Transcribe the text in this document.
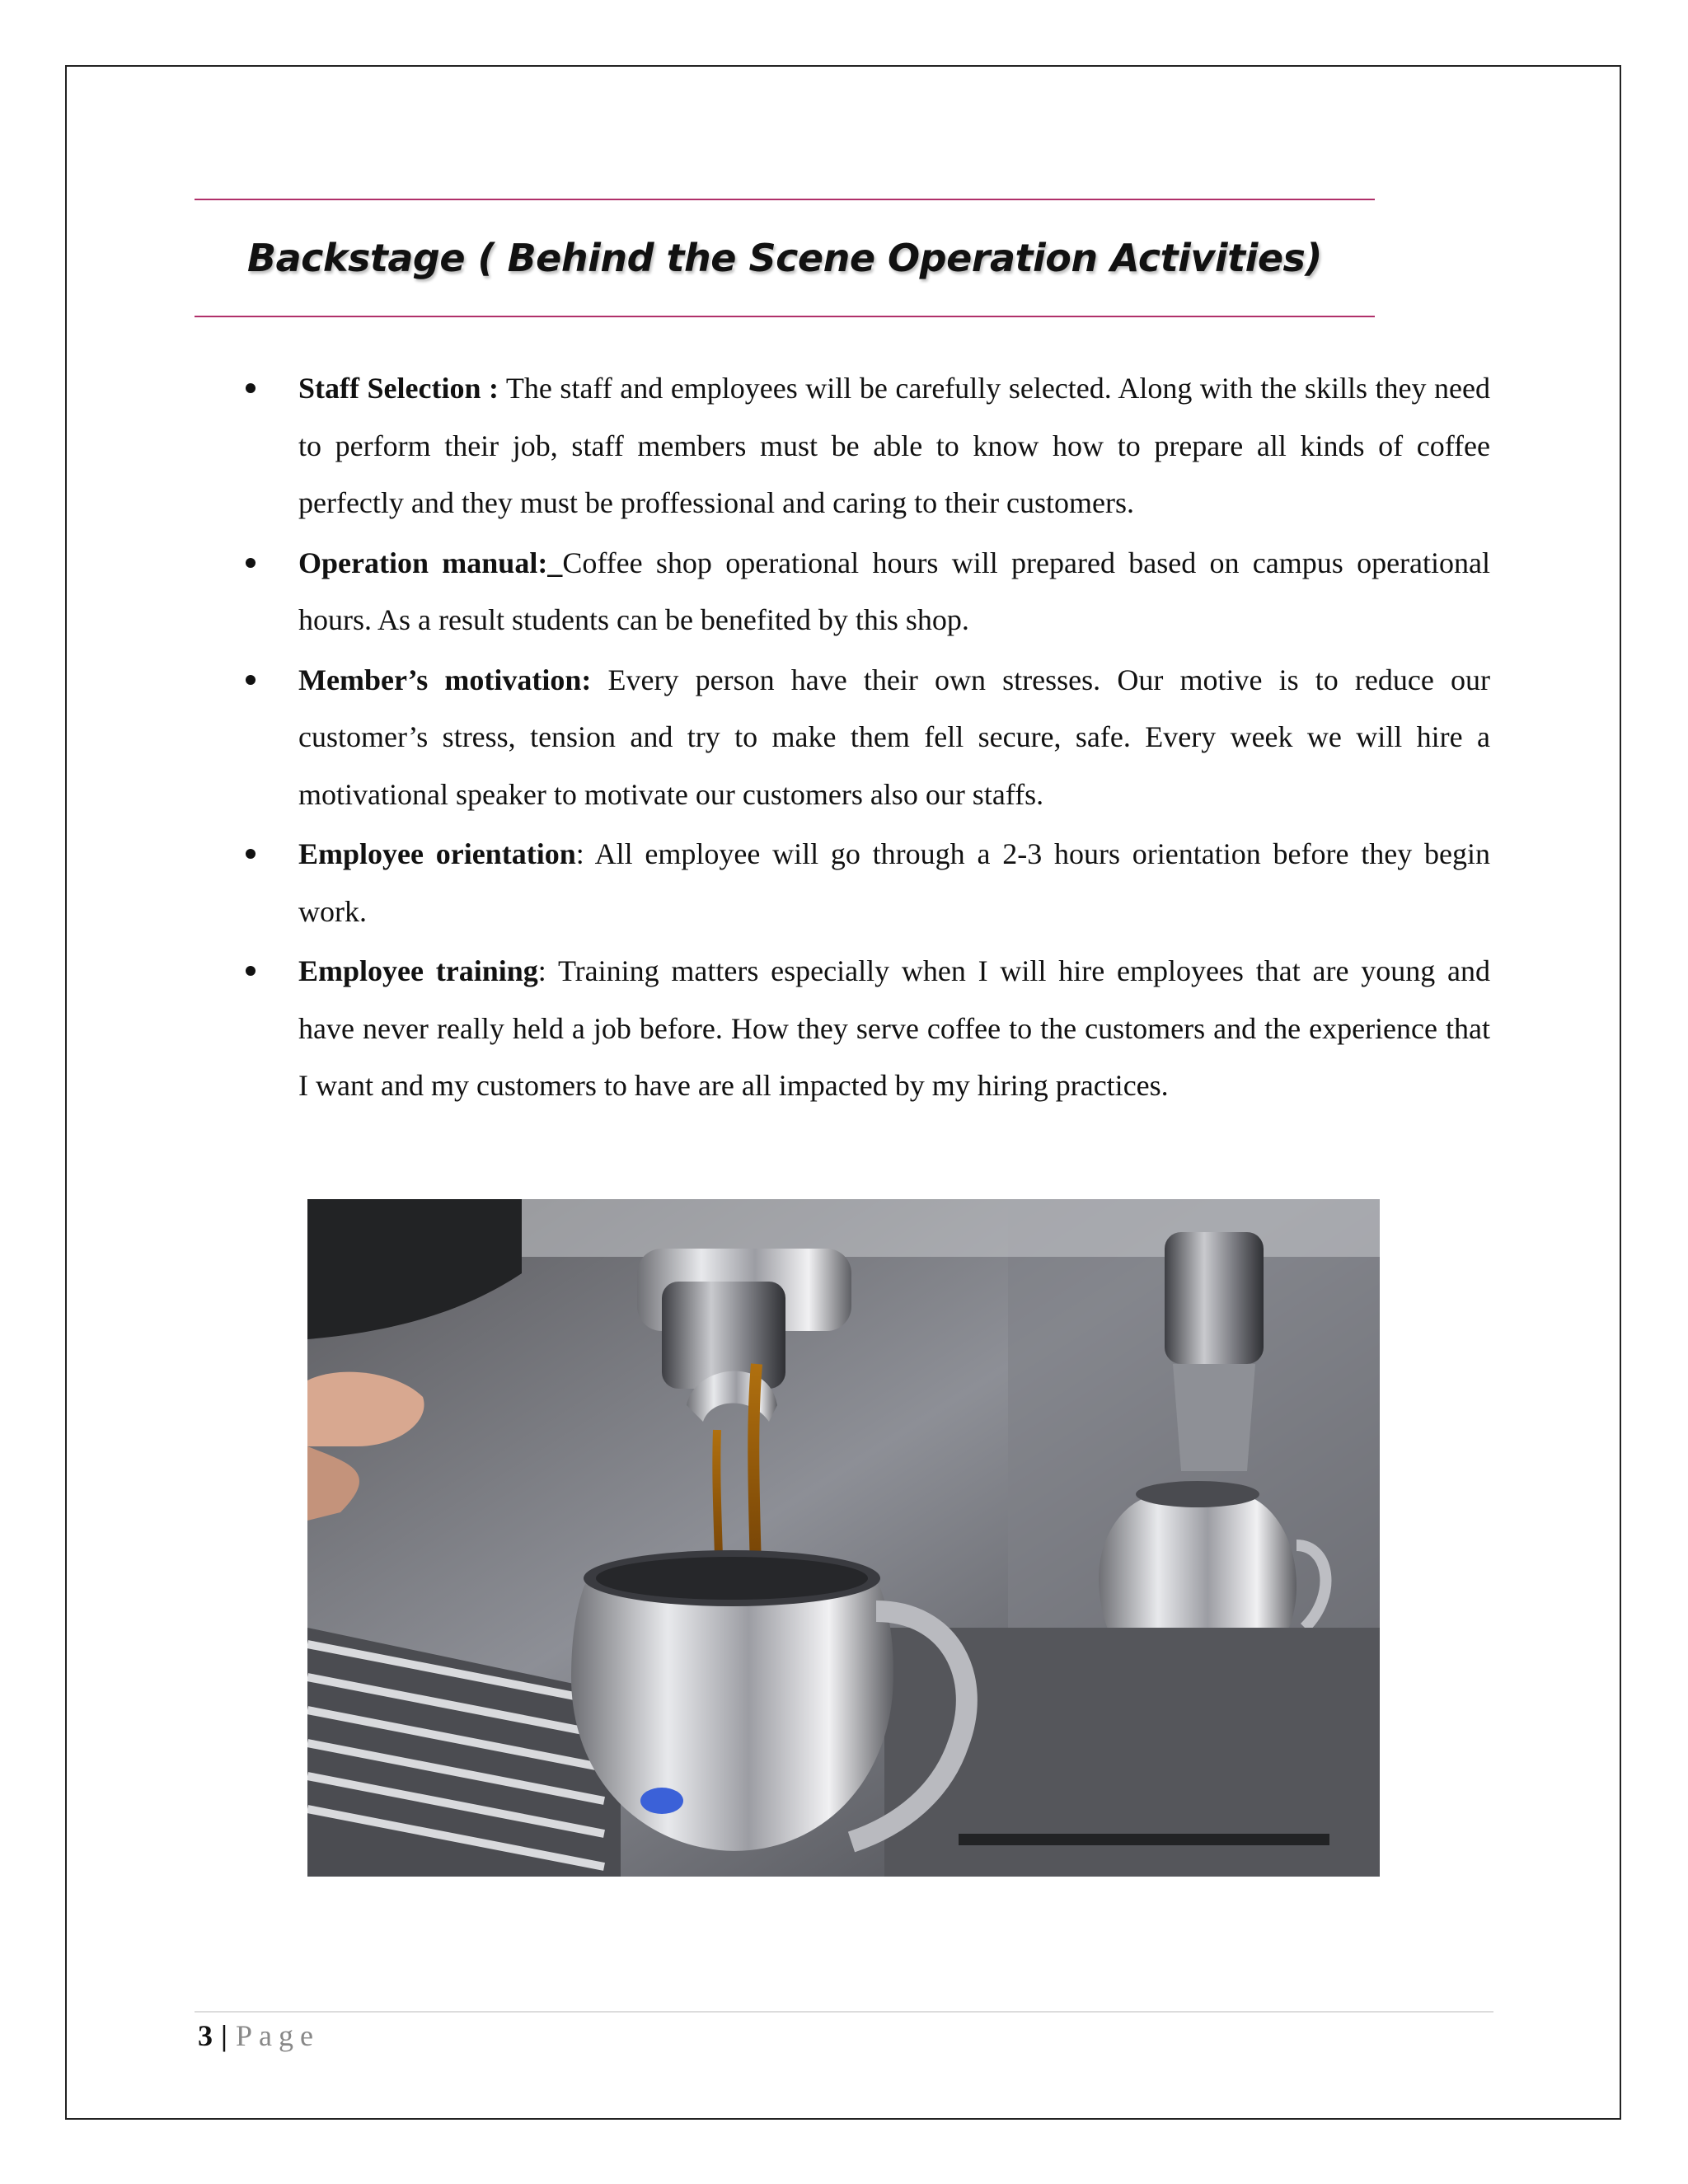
Backstage ( Behind the Scene Operation Activities)
Staff Selection : The staff and employees will be carefully selected. Along with the skills they need to perform their job, staff members must be able to know how to prepare all kinds of coffee perfectly and they must be proffessional and caring to their customers.
Operation manual:_Coffee shop operational hours will prepared based on campus operational hours. As a result students can be benefited by this shop.
Member’s motivation: Every person have their own stresses. Our motive is to reduce our customer’s stress, tension and try to make them fell secure, safe. Every week we will hire a motivational speaker to motivate our customers also our staffs.
Employee orientation: All employee will go through a 2-3 hours orientation before they begin work.
Employee training: Training matters especially when I will hire employees that are young and have never really held a job before. How they serve coffee to the customers and the experience that I want and my customers to have are all impacted by my hiring practices.
3 | Page
